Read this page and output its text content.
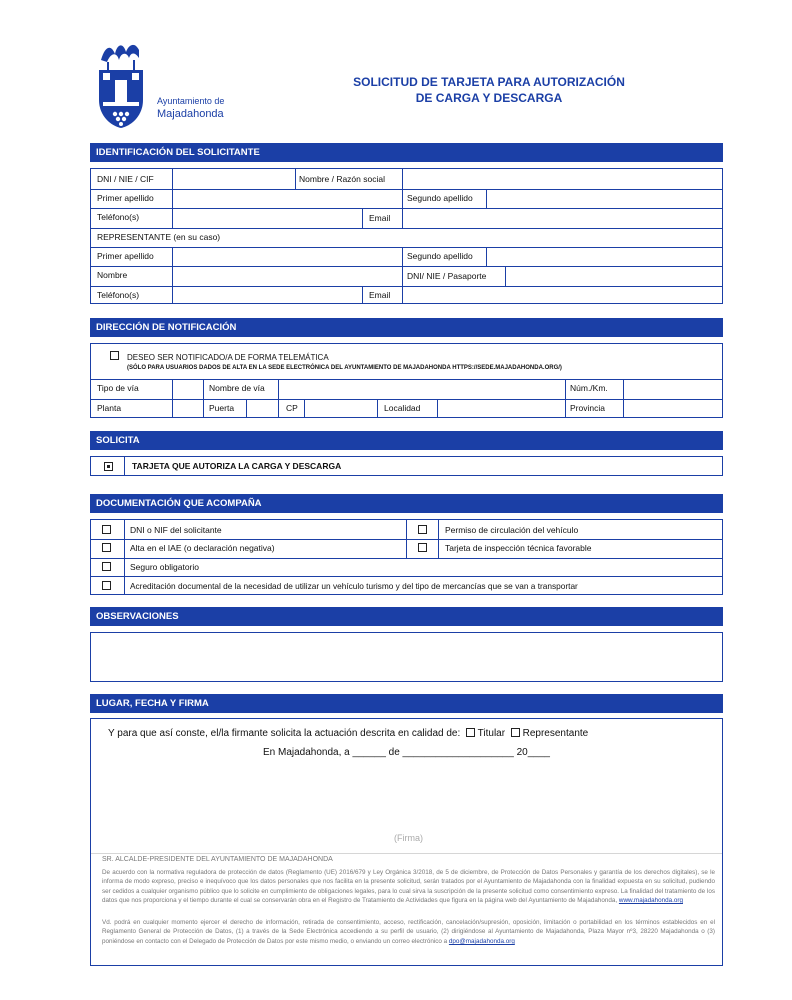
Ayuntamiento de
Majadahonda
SOLICITUD DE TARJETA PARA AUTORIZACIÓN
DE CARGA Y DESCARGA
IDENTIFICACIÓN DEL SOLICITANTE
DNI / NIE / CIF	Nombre / Razón social
Primer apellido	Segundo apellido
Teléfono(s)	Email
REPRESENTANTE (en su caso)
Primer apellido	Segundo apellido
Nombre	DNI/ NIE / Pasaporte
Teléfono(s)	Email
DIRECCIÓN DE NOTIFICACIÓN
DESEO SER NOTIFICADO/A DE FORMA TELEMÁTICA
(SÓLO PARA USUARIOS DADOS DE ALTA EN LA SEDE ELECTRÓNICA DEL AYUNTAMIENTO DE MAJADAHONDA HTTPS://SEDE.MAJADAHONDA.ORG/)
Tipo de vía	Nombre de vía	Núm./Km.
Planta	Puerta	CP	Localidad	Provincia
SOLICITA
TARJETA QUE AUTORIZA LA CARGA Y DESCARGA
DOCUMENTACIÓN QUE ACOMPAÑA
DNI o NIF del solicitante	Permiso de circulación del vehículo
Alta en el IAE (o declaración negativa)	Tarjeta de inspección técnica favorable
Seguro obligatorio
Acreditación documental de la necesidad de utilizar un vehículo turismo y del tipo de mercancías que se van a transportar
OBSERVACIONES
LUGAR, FECHA Y FIRMA
Y para que así conste, el/la firmante solicita la actuación descrita en calidad de: Titular Representante
En Majadahonda, a ______ de ____________________ 20____
(Firma)
SR. ALCALDE-PRESIDENTE DEL AYUNTAMIENTO DE MAJADAHONDA
De acuerdo con la normativa reguladora de protección de datos (Reglamento (UE) 2016/679 y Ley Orgánica 3/2018, de 5 de diciembre, de Protección de Datos Personales y garantía de los derechos digitales), se le informa de modo expreso, preciso e inequívoco que los datos personales que nos facilita en la presente solicitud, serán tratados por el Ayuntamiento de Majadahonda con la finalidad expuesta en su solicitud, pudiendo ser cedidos a cualquier organismo público que lo solicite en cumplimiento de obligaciones legales, para lo cual sirva la suscripción de la presente solicitud como consentimiento expreso. La finalidad del tratamiento de los datos que nos proporciona y el tiempo durante el cual se conservarán obra en el Registro de Tratamiento de Actividades que figura en la página web del Ayuntamiento de Majadahonda, www.majadahonda.org
Vd. podrá en cualquier momento ejercer el derecho de información, retirada de consentimiento, acceso, rectificación, cancelación/supresión, oposición, limitación o portabilidad en los términos establecidos en el Reglamento General de Protección de Datos, (1) a través de la Sede Electrónica accediendo a su perfil de usuario, (2) dirigiéndose al Ayuntamiento de Majadahonda, Plaza Mayor nº3, 28220 Majadahonda o (3) poniéndose en contacto con el Delegado de Protección de Datos por este mismo medio, o enviando un correo electrónico a dpo@majadahonda.org
